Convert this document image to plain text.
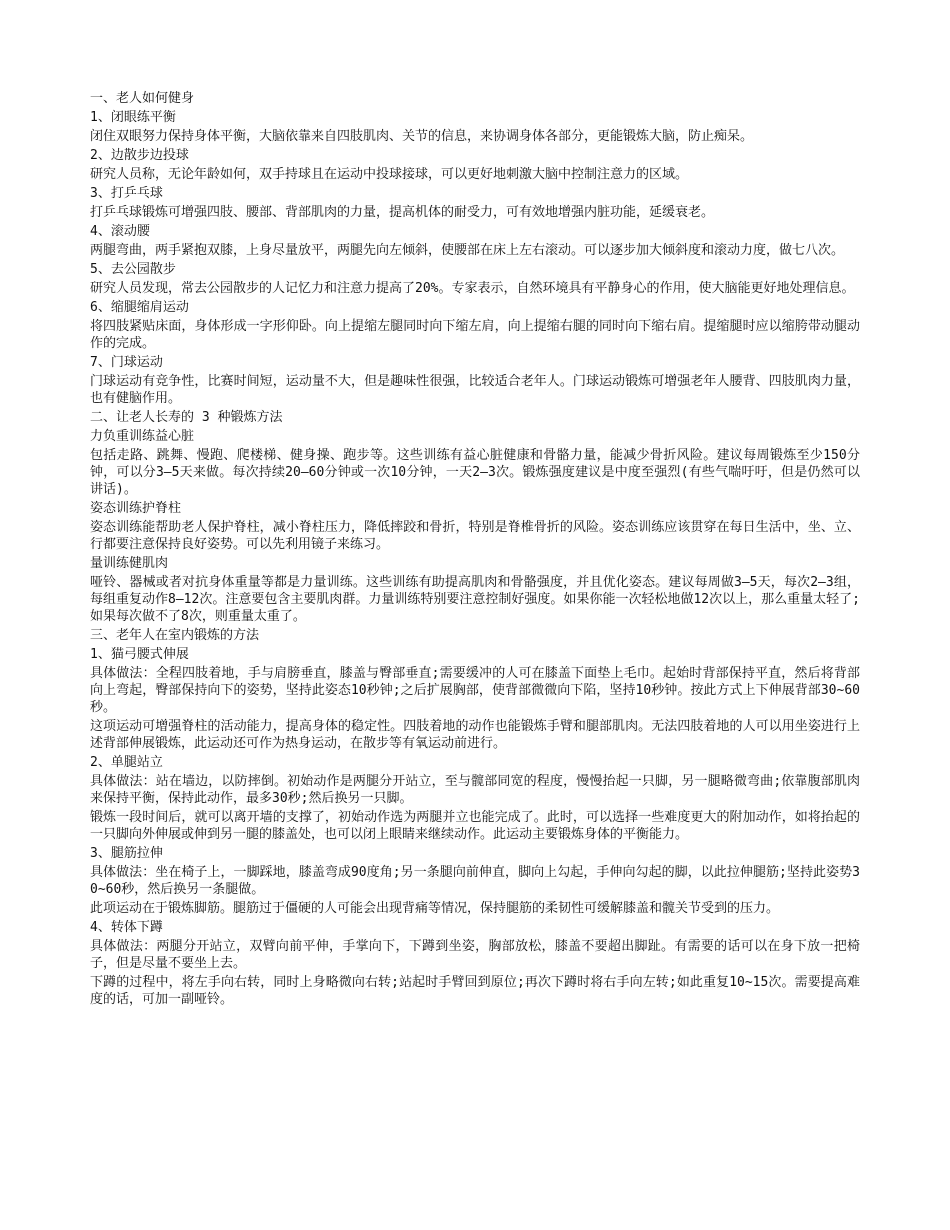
一、老人如何健身
1、闭眼练平衡

闭住双眼努力保持身体平衡，大脑依靠来自四肢肌肉、关节的信息，来协调身体各部分，更能锻炼大脑，防止痴呆。

2、边散步边投球

研究人员称，无论年龄如何，双手持球且在运动中投球接球，可以更好地刺激大脑中控制注意力的区域。

3、打乒乓球

打乒乓球锻炼可增强四肢、腰部、背部肌肉的力量，提高机体的耐受力，可有效地增强内脏功能，延缓衰老。

4、滚动腰

两腿弯曲，两手紧抱双膝，上身尽量放平，两腿先向左倾斜，使腰部在床上左右滚动。可以逐步加大倾斜度和滚动力度，做七八次。

5、去公园散步

研究人员发现，常去公园散步的人记忆力和注意力提高了20%。专家表示，自然环境具有平静身心的作用，使大脑能更好地处理信息。

6、缩腿缩肩运动

将四肢紧贴床面，身体形成一字形仰卧。向上提缩左腿同时向下缩左肩，向上提缩右腿的同时向下缩右肩。提缩腿时应以缩胯带动腿动作的完成。

7、门球运动

门球运动有竞争性，比赛时间短，运动量不大，但是趣味性很强，比较适合老年人。门球运动锻炼可增强老年人腰背、四肢肌肉力量，也有健脑作用。

二、让老人长寿的 3 种锻炼方法
力负重训练益心脏

包括走路、跳舞、慢跑、爬楼梯、健身操、跑步等。这些训练有益心脏健康和骨骼力量，能减少骨折风险。建议每周锻炼至少150分钟，可以分3—5天来做。每次持续20—60分钟或一次10分钟，一天2—3次。锻炼强度建议是中度至强烈(有些气喘吁吁，但是仍然可以讲话)。

姿态训练护脊柱

姿态训练能帮助老人保护脊柱，减小脊柱压力，降低摔跤和骨折，特别是脊椎骨折的风险。姿态训练应该贯穿在每日生活中，坐、立、行都要注意保持良好姿势。可以先利用镜子来练习。

量训练健肌肉

哑铃、器械或者对抗身体重量等都是力量训练。这些训练有助提高肌肉和骨骼强度，并且优化姿态。建议每周做3—5天，每次2—3组，每组重复动作8—12次。注意要包含主要肌肉群。力量训练特别要注意控制好强度。如果你能一次轻松地做12次以上，那么重量太轻了;如果每次做不了8次，则重量太重了。

三、老年人在室内锻炼的方法
1、猫弓腰式伸展

具体做法：全程四肢着地，手与肩膀垂直，膝盖与臀部垂直;需要缓冲的人可在膝盖下面垫上毛巾。起始时背部保持平直，然后将背部向上弯起，臀部保持向下的姿势，坚持此姿态10秒钟;之后扩展胸部，使背部微微向下陷，坚持10秒钟。按此方式上下伸展背部30~60秒。

这项运动可增强脊柱的活动能力，提高身体的稳定性。四肢着地的动作也能锻炼手臂和腿部肌肉。无法四肢着地的人可以用坐姿进行上述背部伸展锻炼，此运动还可作为热身运动，在散步等有氧运动前进行。

2、单腿站立

具体做法：站在墙边，以防摔倒。初始动作是两腿分开站立，至与髋部同宽的程度，慢慢抬起一只脚，另一腿略微弯曲;依靠腹部肌肉来保持平衡，保持此动作，最多30秒;然后换另一只脚。

锻炼一段时间后，就可以离开墙的支撑了，初始动作选为两腿并立也能完成了。此时，可以选择一些难度更大的附加动作，如将抬起的一只脚向外伸展或伸到另一腿的膝盖处，也可以闭上眼睛来继续动作。此运动主要锻炼身体的平衡能力。

3、腿筋拉伸

具体做法：坐在椅子上，一脚踩地，膝盖弯成90度角;另一条腿向前伸直，脚向上勾起，手伸向勾起的脚，以此拉伸腿筋;坚持此姿势30~60秒，然后换另一条腿做。

此项运动在于锻炼脚筋。腿筋过于僵硬的人可能会出现背痛等情况，保持腿筋的柔韧性可缓解膝盖和髋关节受到的压力。

4、转体下蹲

具体做法：两腿分开站立，双臂向前平伸，手掌向下，下蹲到坐姿，胸部放松，膝盖不要超出脚趾。有需要的话可以在身下放一把椅子，但是尽量不要坐上去。

下蹲的过程中，将左手向右转，同时上身略微向右转;站起时手臂回到原位;再次下蹲时将右手向左转;如此重复10~15次。需要提高难度的话，可加一副哑铃。
